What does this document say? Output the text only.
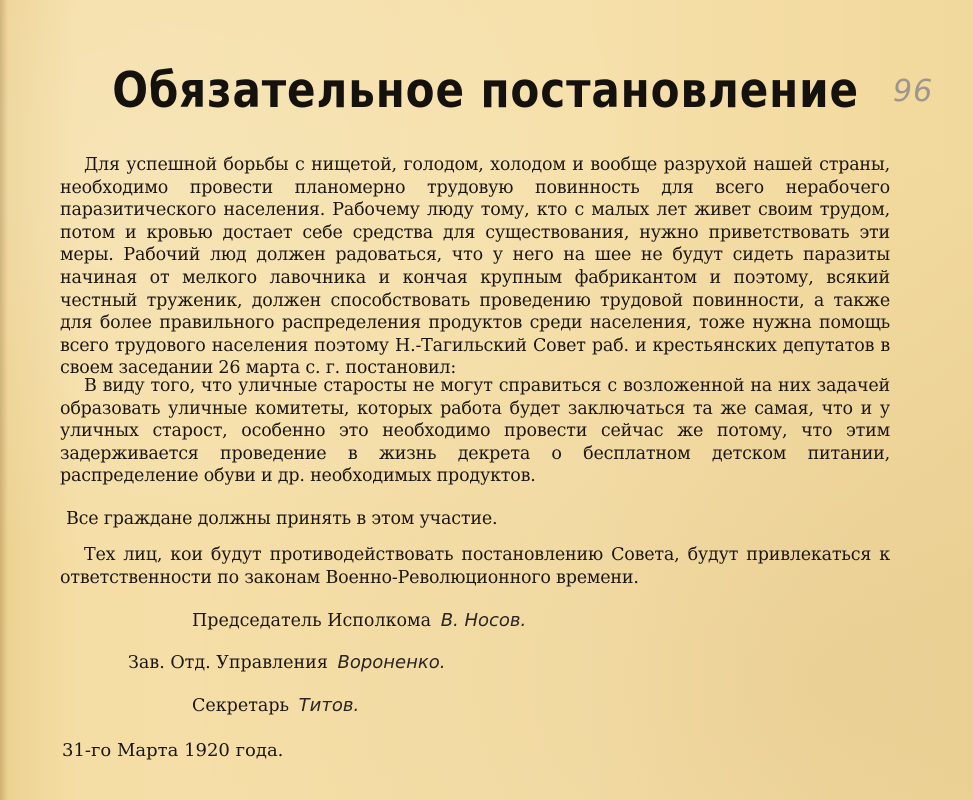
96
Обязательное постановление

Для успешной борьбы с нищетой, голодом, холодом и вообще разрухой нашей страны, необходимо провести планомерно трудовую повинность для всего нерабочего паразитического населения. Рабочему люду тому, кто с малых лет живет своим трудом, потом и кровью достает себе средства для существования, нужно приветствовать эти меры. Рабочий люд должен радоваться, что у него на шее не будут сидеть паразиты начиная от мелкого лавочника и кончая крупным фабрикантом и поэтому, всякий честный труженик, должен способствовать проведению трудовой повинности, а также для более правильного распределения продуктов среди населения, тоже нужна помощь всего трудового населения поэтому Н.-Тагильский Совет раб. и крестьянских депутатов в своем заседании 26 марта с. г. постановил:

В виду того, что уличные старосты не могут справиться с возложенной на них задачей образовать уличные комитеты, которых работа будет заключаться та же самая, что и у уличных старост, особенно это необходимо провести сейчас же потому, что этим задерживается проведение в жизнь декрета о бесплатном детском питании, распределение обуви и др. необходимых продуктов.

Все граждане должны принять в этом участие.

Тех лиц, кои будут противодействовать постановлению Совета, будут привлекаться к ответственности по законам Военно-Революционного времени.

Председатель Исполкома В. Носов.

Зав. Отд. Управления Вороненко.

Секретарь Титов.

31-го Марта 1920 года.
